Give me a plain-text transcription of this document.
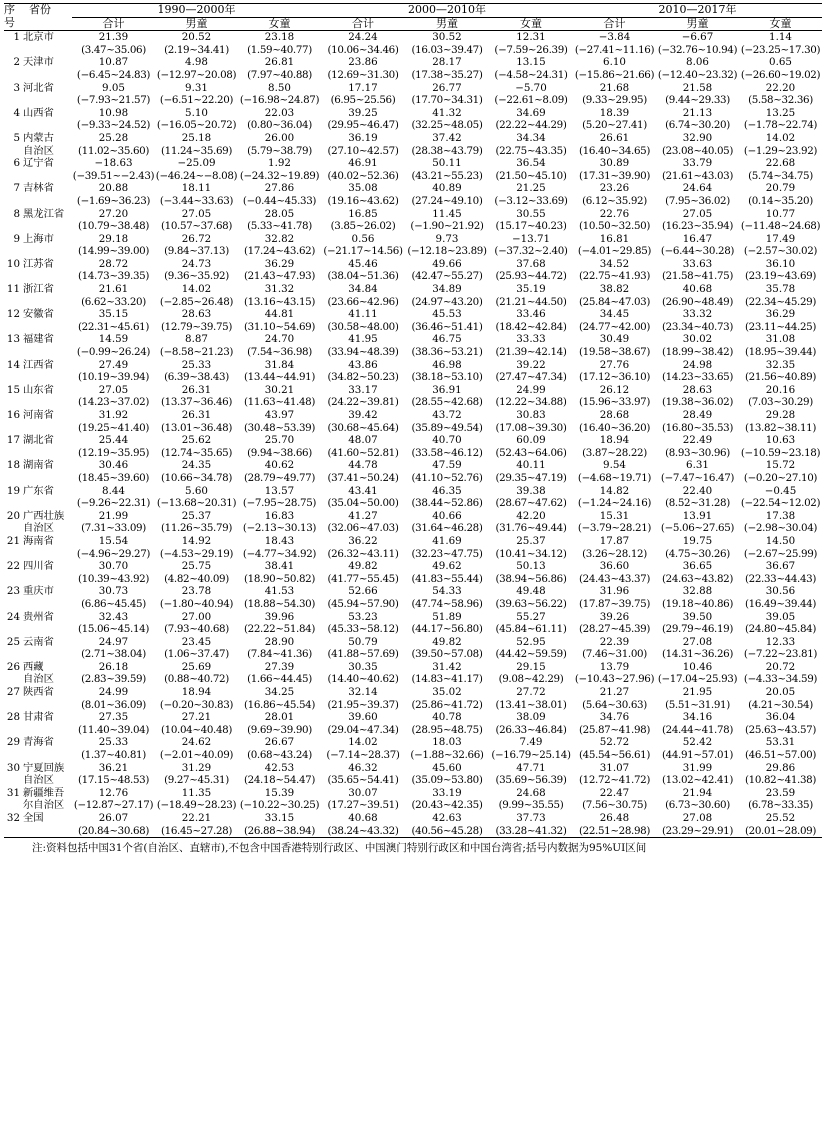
序	省份	1990—2000年			2000—2010年			2010—2017年		
号		合计	男童	女童	合计	男童	女童	合计	男童	女童
1	北京市	21.39	20.52	23.18	24.24	30.52	12.31	−3.84	−6.67	1.14
		(3.47~35.06)	(2.19~34.41)	(1.59~40.77)	(10.06~34.46)	(16.03~39.47)	(−7.59~26.39)	(−27.41~11.16)	(−32.76~10.94)	(−23.25~17.30)
2	天津市	10.87	4.98	26.81	23.86	28.17	13.15	6.10	8.06	0.65
		(−6.45~24.83)	(−12.97~20.08)	(7.97~40.88)	(12.69~31.30)	(17.38~35.27)	(−4.58~24.31)	(−15.86~21.66)	(−12.40~23.32)	(−26.60~19.02)
3	河北省	9.05	9.31	8.50	17.17	26.77	−5.70	21.68	21.58	22.20
		(−7.93~21.57)	(−6.51~22.20)	(−16.98~24.87)	(6.95~25.56)	(17.70~34.31)	(−22.61~8.09)	(9.33~29.95)	(9.44~29.33)	(5.58~32.36)
4	山西省	10.98	5.10	22.03	39.25	41.32	34.69	18.39	21.13	13.25
		(−9.33~24.52)	(−16.05~20.72)	(0.80~36.04)	(29.95~46.47)	(32.25~48.05)	(22.22~44.29)	(5.20~27.41)	(6.74~30.20)	(−1.78~22.74)
5	内蒙古	25.28	25.18	26.00	36.19	37.42	34.34	26.61	32.90	14.02
	自治区	(11.02~35.60)	(11.24~35.69)	(5.79~38.79)	(27.10~42.57)	(28.38~43.79)	(22.75~43.35)	(16.40~34.65)	(23.08~40.05)	(−1.29~23.92)
6	辽宁省	−18.63	−25.09	1.92	46.91	50.11	36.54	30.89	33.79	22.68
		(−39.51~−2.43)	(−46.24~−8.08)	(−24.32~19.89)	(40.02~52.36)	(43.21~55.23)	(21.50~45.10)	(17.31~39.90)	(21.61~43.03)	(5.74~34.75)
7	吉林省	20.88	18.11	27.86	35.08	40.89	21.25	23.26	24.64	20.79
		(−1.69~36.23)	(−3.44~33.63)	(−0.44~45.33)	(19.16~43.62)	(27.24~49.10)	(−3.12~33.69)	(6.12~35.92)	(7.95~36.02)	(0.14~35.20)
8	黑龙江省	27.20	27.05	28.05	16.85	11.45	30.55	22.76	27.05	10.77
		(10.79~38.48)	(10.57~37.68)	(5.33~41.78)	(3.85~26.02)	(−1.90~21.92)	(15.17~40.23)	(10.50~32.50)	(16.23~35.94)	(−11.48~24.68)
9	上海市	29.18	26.72	32.82	0.56	9.73	−13.71	16.81	16.47	17.49
		(14.99~39.00)	(9.84~37.13)	(17.24~43.62)	(−21.17~14.56)	(−12.18~23.89)	(−37.32~2.40)	(−4.01~29.85)	(−6.44~30.28)	(−2.57~30.02)
10	江苏省	28.72	24.73	36.29	45.46	49.66	37.68	34.52	33.63	36.10
		(14.73~39.35)	(9.36~35.92)	(21.43~47.93)	(38.04~51.36)	(42.47~55.27)	(25.93~44.72)	(22.75~41.93)	(21.58~41.75)	(23.19~43.69)
11	浙江省	21.61	14.02	31.32	34.84	34.89	35.19	38.82	40.68	35.78
		(6.62~33.20)	(−2.85~26.48)	(13.16~43.15)	(23.66~42.96)	(24.97~43.20)	(21.21~44.50)	(25.84~47.03)	(26.90~48.49)	(22.34~45.29)
12	安徽省	35.15	28.63	44.81	41.11	45.53	33.46	34.45	33.32	36.29
		(22.31~45.61)	(12.79~39.75)	(31.10~54.69)	(30.58~48.00)	(36.46~51.41)	(18.42~42.84)	(24.77~42.00)	(23.34~40.73)	(23.11~44.25)
13	福建省	14.59	8.87	24.70	41.95	46.75	33.33	30.49	30.02	31.08
		(−0.99~26.24)	(−8.58~21.23)	(7.54~36.98)	(33.94~48.39)	(38.36~53.21)	(21.39~42.14)	(19.58~38.67)	(18.99~38.42)	(18.95~39.44)
14	江西省	27.49	25.33	31.84	43.86	46.98	39.22	27.76	24.98	32.35
		(10.19~39.94)	(6.39~38.43)	(13.44~44.91)	(34.82~50.23)	(38.18~53.10)	(27.47~47.34)	(17.12~36.10)	(14.23~33.65)	(21.56~40.89)
15	山东省	27.05	26.31	30.21	33.17	36.91	24.99	26.12	28.63	20.16
		(14.23~37.02)	(13.37~36.46)	(11.63~41.48)	(24.22~39.81)	(28.55~42.68)	(12.22~34.88)	(15.96~33.97)	(19.38~36.02)	(7.03~30.29)
16	河南省	31.92	26.31	43.97	39.42	43.72	30.83	28.68	28.49	29.28
		(19.25~41.40)	(13.01~36.48)	(30.48~53.39)	(30.68~45.64)	(35.89~49.54)	(17.08~39.30)	(16.40~36.20)	(16.80~35.53)	(13.82~38.11)
17	湖北省	25.44	25.62	25.70	48.07	40.70	60.09	18.94	22.49	10.63
		(12.19~35.95)	(12.74~35.65)	(9.94~38.66)	(41.60~52.81)	(33.58~46.12)	(52.43~64.06)	(3.87~28.22)	(8.93~30.96)	(−10.59~23.18)
18	湖南省	30.46	24.35	40.62	44.78	47.59	40.11	9.54	6.31	15.72
		(18.45~39.60)	(10.66~34.78)	(28.79~49.77)	(37.41~50.24)	(41.10~52.76)	(29.35~47.19)	(−4.68~19.71)	(−7.47~16.47)	(−0.20~27.10)
19	广东省	8.44	5.60	13.57	43.41	46.35	39.38	14.82	22.40	−0.45
		(−9.26~22.31)	(−13.68~20.31)	(−7.95~28.75)	(35.04~50.00)	(38.44~52.86)	(28.67~47.62)	(−1.24~24.16)	(8.52~31.28)	(−22.54~12.02)
20	广西壮族	21.99	25.37	16.83	41.27	40.66	42.20	15.31	13.91	17.38
	自治区	(7.31~33.09)	(11.26~35.79)	(−2.13~30.13)	(32.06~47.03)	(31.64~46.28)	(31.76~49.44)	(−3.79~28.21)	(−5.06~27.65)	(−2.98~30.04)
21	海南省	15.54	14.92	18.43	36.22	41.69	25.37	17.87	19.75	14.50
		(−4.96~29.27)	(−4.53~29.19)	(−4.77~34.92)	(26.32~43.11)	(32.23~47.75)	(10.41~34.12)	(3.26~28.12)	(4.75~30.26)	(−2.67~25.99)
22	四川省	30.70	25.75	38.41	49.82	49.62	50.13	36.60	36.65	36.67
		(10.39~43.92)	(4.82~40.09)	(18.90~50.82)	(41.77~55.45)	(41.83~55.44)	(38.94~56.86)	(24.43~43.37)	(24.63~43.82)	(22.33~44.43)
23	重庆市	30.73	23.78	41.53	52.66	54.33	49.48	31.96	32.88	30.56
		(6.86~45.45)	(−1.80~40.94)	(18.88~54.30)	(45.94~57.90)	(47.74~58.96)	(39.63~56.22)	(17.87~39.75)	(19.18~40.86)	(16.49~39.44)
24	贵州省	32.43	27.00	39.96	53.23	51.89	55.27	39.26	39.50	39.05
		(15.06~45.14)	(7.93~40.68)	(22.22~51.84)	(45.33~58.12)	(44.17~56.80)	(45.84~61.11)	(28.27~45.39)	(29.79~46.19)	(24.80~45.84)
25	云南省	24.97	23.45	28.90	50.79	49.82	52.95	22.39	27.08	12.33
		(2.71~38.04)	(1.06~37.47)	(7.84~41.36)	(41.88~57.69)	(39.50~57.08)	(44.42~59.59)	(7.46~31.00)	(14.31~36.26)	(−7.22~23.81)
26	西藏	26.18	25.69	27.39	30.35	31.42	29.15	13.79	10.46	20.72
	自治区	(2.83~39.59)	(0.88~40.72)	(1.66~44.45)	(14.40~40.62)	(14.83~41.17)	(9.08~42.29)	(−10.43~27.96)	(−17.04~25.93)	(−4.33~34.59)
27	陕西省	24.99	18.94	34.25	32.14	35.02	27.72	21.27	21.95	20.05
		(8.01~36.09)	(−0.20~30.83)	(16.86~45.54)	(21.95~39.37)	(25.86~41.72)	(13.41~38.01)	(5.64~30.63)	(5.51~31.91)	(4.21~30.54)
28	甘肃省	27.35	27.21	28.01	39.60	40.78	38.09	34.76	34.16	36.04
		(11.40~39.04)	(10.04~40.48)	(9.69~39.90)	(29.04~47.34)	(28.95~48.75)	(26.33~46.84)	(25.87~41.98)	(24.44~41.78)	(25.63~43.57)
29	青海省	25.33	24.62	26.67	14.02	18.03	7.49	52.72	52.42	53.31
		(1.37~40.81)	(−2.01~40.09)	(0.68~43.24)	(−7.14~28.37)	(−1.88~32.66)	(−16.79~25.14)	(45.54~56.61)	(44.91~57.01)	(46.51~57.00)
30	宁夏回族	36.21	31.29	42.53	46.32	45.60	47.71	31.07	31.99	29.86
	自治区	(17.15~48.53)	(9.27~45.31)	(24.18~54.47)	(35.65~54.41)	(35.09~53.80)	(35.69~56.39)	(12.72~41.72)	(13.02~42.41)	(10.82~41.38)
31	新疆维吾	12.76	11.35	15.39	30.07	33.19	24.68	22.47	21.94	23.59
	尔自治区	(−12.87~27.17)	(−18.49~28.23)	(−10.22~30.25)	(17.27~39.51)	(20.43~42.35)	(9.99~35.55)	(7.56~30.75)	(6.73~30.60)	(6.78~33.35)
32	全国	26.07	22.21	33.15	40.68	42.63	37.73	26.48	27.08	25.52
		(20.84~30.68)	(16.45~27.28)	(26.88~38.94)	(38.24~43.32)	(40.56~45.28)	(33.28~41.32)	(22.51~28.98)	(23.29~29.91)	(20.01~28.09)
注:资料包括中国31个省(自治区、直辖市),不包含中国香港特别行政区、中国澳门特别行政区和中国台湾省;括号内数据为95%UI区间
